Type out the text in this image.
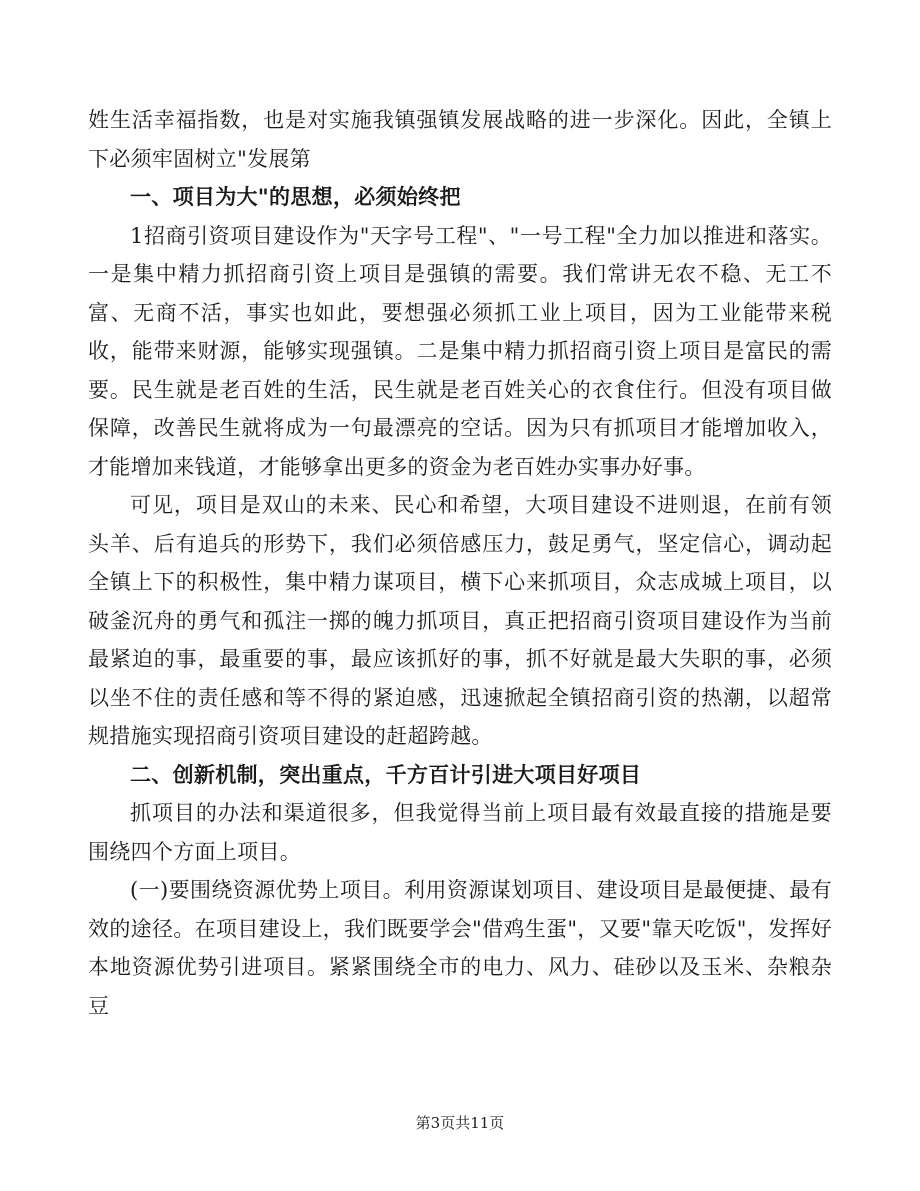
姓生活幸福指数，也是对实施我镇强镇发展战略的进一步深化。因此，全镇上下必须牢固树立"发展第

一、项目为大"的思想，必须始终把

1招商引资项目建设作为"天字号工程"、"一号工程"全力加以推进和落实。一是集中精力抓招商引资上项目是强镇的需要。我们常讲无农不稳、无工不富、无商不活，事实也如此，要想强必须抓工业上项目，因为工业能带来税收，能带来财源，能够实现强镇。二是集中精力抓招商引资上项目是富民的需要。民生就是老百姓的生活，民生就是老百姓关心的衣食住行。但没有项目做保障，改善民生就将成为一句最漂亮的空话。因为只有抓项目才能增加收入，才能增加来钱道，才能够拿出更多的资金为老百姓办实事办好事。

可见，项目是双山的未来、民心和希望，大项目建设不进则退，在前有领头羊、后有追兵的形势下，我们必须倍感压力，鼓足勇气，坚定信心，调动起全镇上下的积极性，集中精力谋项目，横下心来抓项目，众志成城上项目，以破釜沉舟的勇气和孤注一掷的魄力抓项目，真正把招商引资项目建设作为当前最紧迫的事，最重要的事，最应该抓好的事，抓不好就是最大失职的事，必须以坐不住的责任感和等不得的紧迫感，迅速掀起全镇招商引资的热潮，以超常规措施实现招商引资项目建设的赶超跨越。

二、创新机制，突出重点，千方百计引进大项目好项目

抓项目的办法和渠道很多，但我觉得当前上项目最有效最直接的措施是要围绕四个方面上项目。

(一)要围绕资源优势上项目。利用资源谋划项目、建设项目是最便捷、最有效的途径。在项目建设上，我们既要学会"借鸡生蛋"，又要"靠天吃饭"，发挥好本地资源优势引进项目。紧紧围绕全市的电力、风力、硅砂以及玉米、杂粮杂豆

第3页共11页
